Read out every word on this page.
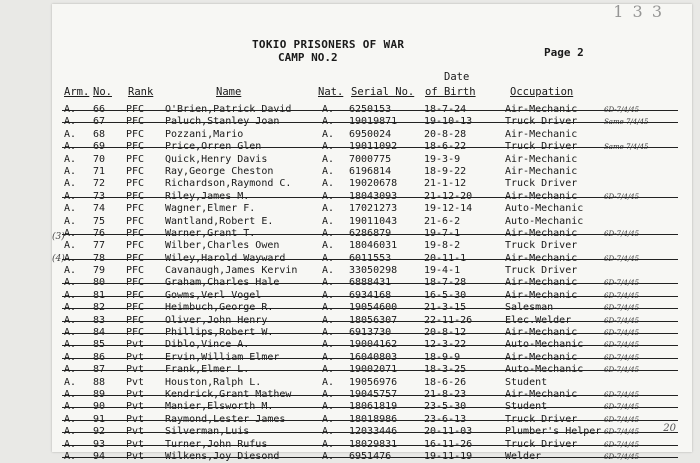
1 3 3
TOKIO PRISONERS OF WAR
CAMP NO.2	Page 2
Arm. No. Rank	Name	Nat. Serial No.
Date
of Birth	Occupation
(3)
(4)
A. 66 PFC O'Brien,Patrick David	A. 6250153	18-7-24	Air-Mechanic	6D-7/4/45
A. 67 PFC Paluch,Stanley Joan	A. 19019871	19-10-13	Truck Driver	Same 7/4/45
A. 68 PFC Pozzani,Mario	A. 6950024	20-8-28	Air-Mechanic
A. 69 PFC Price,Orren Glen	A. 19011092	18-6-22	Truck Driver	Same 7/4/45
A. 70 PFC Quick,Henry Davis	A. 7000775	19-3-9	Air-Mechanic
A. 71 PFC Ray,George Cheston	A. 6196814	18-9-22	Air-Mechanic
A. 72 PFC Richardson,Raymond C.	A. 19020678	21-1-12	Truck Driver
A. 73 PFC Riley,James M.	A. 18043093	21-12-20	Air-Mechanic	6D-7/4/45
A. 74 PFC Wagner,Elmer F.	A. 17021273	19-12-14	Auto-Mechanic
A. 75 PFC Wantland,Robert E.	A. 19011043	21-6-2	Auto-Mechanic
A. 76 PFC Warner,Grant T.	A. 6286879	19-7-1	Air-Mechanic	6D-7/4/45
A. 77 PFC Wilber,Charles Owen	A. 18046031	19-8-2	Truck Driver
A. 78 PFC Wiley,Harold Wayward	A. 6011553	20-11-1	Air-Mechanic	6D-7/4/45
A. 79 PFC Cavanaugh,James Kervin A. 33050298	19-4-1	Truck Driver
A. 80 PFC Graham,Charles Hale	A. 6888431	18-7-28	Air-Mechanic	6D-7/4/45
A. 81 PFC Gowms,Verl Vogel	A. 6934168	16-5-30	Air-Mechanic	6D-7/4/45
A. 82 PFC Heimbuch,George R.	A. 19054600	21-3-15	Salesman	6D-7/4/45
A. 83 PFC Oliver,John Henry	A. 18056307	22-11-26	Elec.Welder	6D-7/4/45
A. 84 PFC Phillips,Robert W.	A. 6913730	20-8-12	Air-Mechanic	6D-7/4/45
A. 85 Pvt Diblo,Vince A.	A. 19004162	12-3-22	Auto-Mechanic	6D-7/4/45
A. 86 Pvt Ervin,William Elmer	A. 16040803	18-9-9	Air-Mechanic	6D-7/4/45
A. 87 Pvt Frank,Elmer L.	A. 19002071	18-3-25	Auto-Mechanic	6D-7/4/45
A. 88 Pvt Houston,Ralph L.	A. 19056976	18-6-26	Student
A. 89 Pvt Kendrick,Grant Mathew	A. 19045757	21-8-23	Air-Mechanic	6D-7/4/45
A. 90 Pvt Manier,Elsworth M.	A. 18061819	23-5-30	Student	6D-7/4/45
A. 91 Pvt Raymond,Lester James	A. 18018986	23-6-13	Truck Driver	6D-7/4/45
A. 92 Pvt Silverman,Luis	A. 12033446	20-11-03	Plumber's Helper 6D-7/4/45
A. 93 Pvt Turner,John Rufus	A. 18029831	16-11-26	Truck Driver	6D-7/4/45
A. 94 Pvt Wilkens,Joy Diesond	A. 6951476	19-11-19	Welder	6D-7/4/45
20
